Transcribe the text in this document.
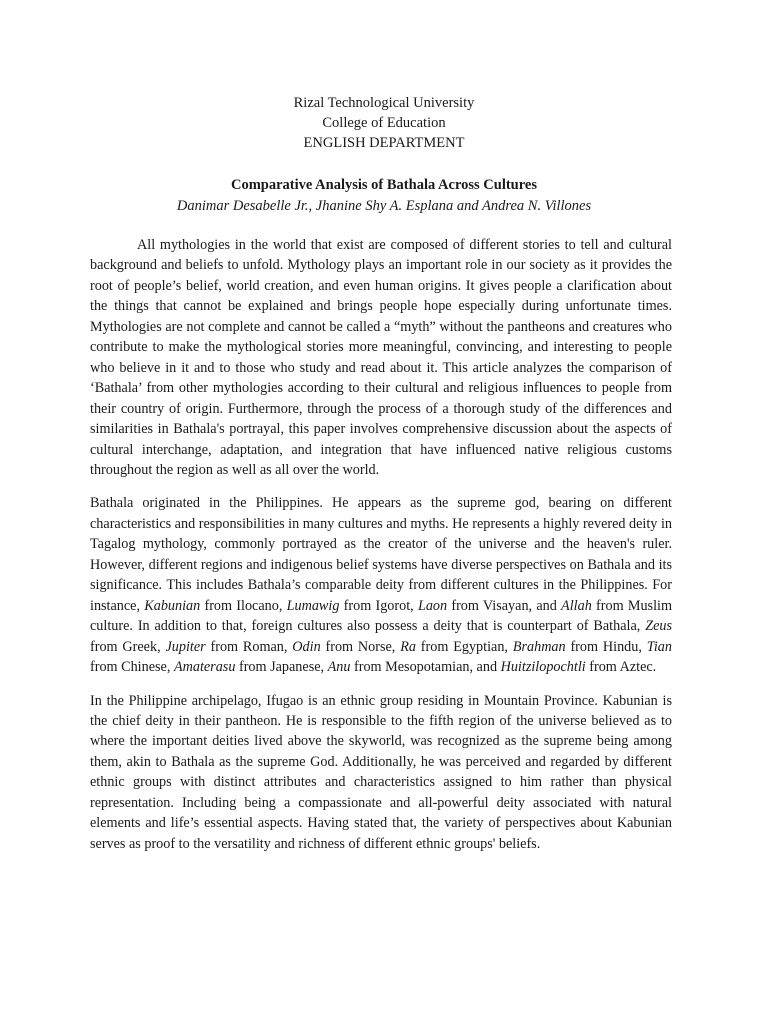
Rizal Technological University
College of Education
ENGLISH DEPARTMENT
Comparative Analysis of Bathala Across Cultures
Danimar Desabelle Jr., Jhanine Shy A. Esplana and Andrea N. Villones

All mythologies in the world that exist are composed of different stories to tell and cultural background and beliefs to unfold. Mythology plays an important role in our society as it provides the root of people’s belief, world creation, and even human origins. It gives people a clarification about the things that cannot be explained and brings people hope especially during unfortunate times. Mythologies are not complete and cannot be called a “myth” without the pantheons and creatures who contribute to make the mythological stories more meaningful, convincing, and interesting to people who believe in it and to those who study and read about it. This article analyzes the comparison of ‘Bathala’ from other mythologies according to their cultural and religious influences to people from their country of origin. Furthermore, through the process of a thorough study of the differences and similarities in Bathala's portrayal, this paper involves comprehensive discussion about the aspects of cultural interchange, adaptation, and integration that have influenced native religious customs throughout the region as well as all over the world.

Bathala originated in the Philippines. He appears as the supreme god, bearing on different characteristics and responsibilities in many cultures and myths. He represents a highly revered deity in Tagalog mythology, commonly portrayed as the creator of the universe and the heaven's ruler. However, different regions and indigenous belief systems have diverse perspectives on Bathala and its significance. This includes Bathala’s comparable deity from different cultures in the Philippines. For instance, Kabunian from Ilocano, Lumawig from Igorot, Laon from Visayan, and Allah from Muslim culture. In addition to that, foreign cultures also possess a deity that is counterpart of Bathala, Zeus from Greek, Jupiter from Roman, Odin from Norse, Ra from Egyptian, Brahman from Hindu, Tian from Chinese, Amaterasu from Japanese, Anu from Mesopotamian, and Huitzilopochtli from Aztec.

In the Philippine archipelago, Ifugao is an ethnic group residing in Mountain Province. Kabunian is the chief deity in their pantheon. He is responsible to the fifth region of the universe believed as to where the important deities lived above the skyworld, was recognized as the supreme being among them, akin to Bathala as the supreme God. Additionally, he was perceived and regarded by different ethnic groups with distinct attributes and characteristics assigned to him rather than physical representation. Including being a compassionate and all-powerful deity associated with natural elements and life’s essential aspects. Having stated that, the variety of perspectives about Kabunian serves as proof to the versatility and richness of different ethnic groups' beliefs.
